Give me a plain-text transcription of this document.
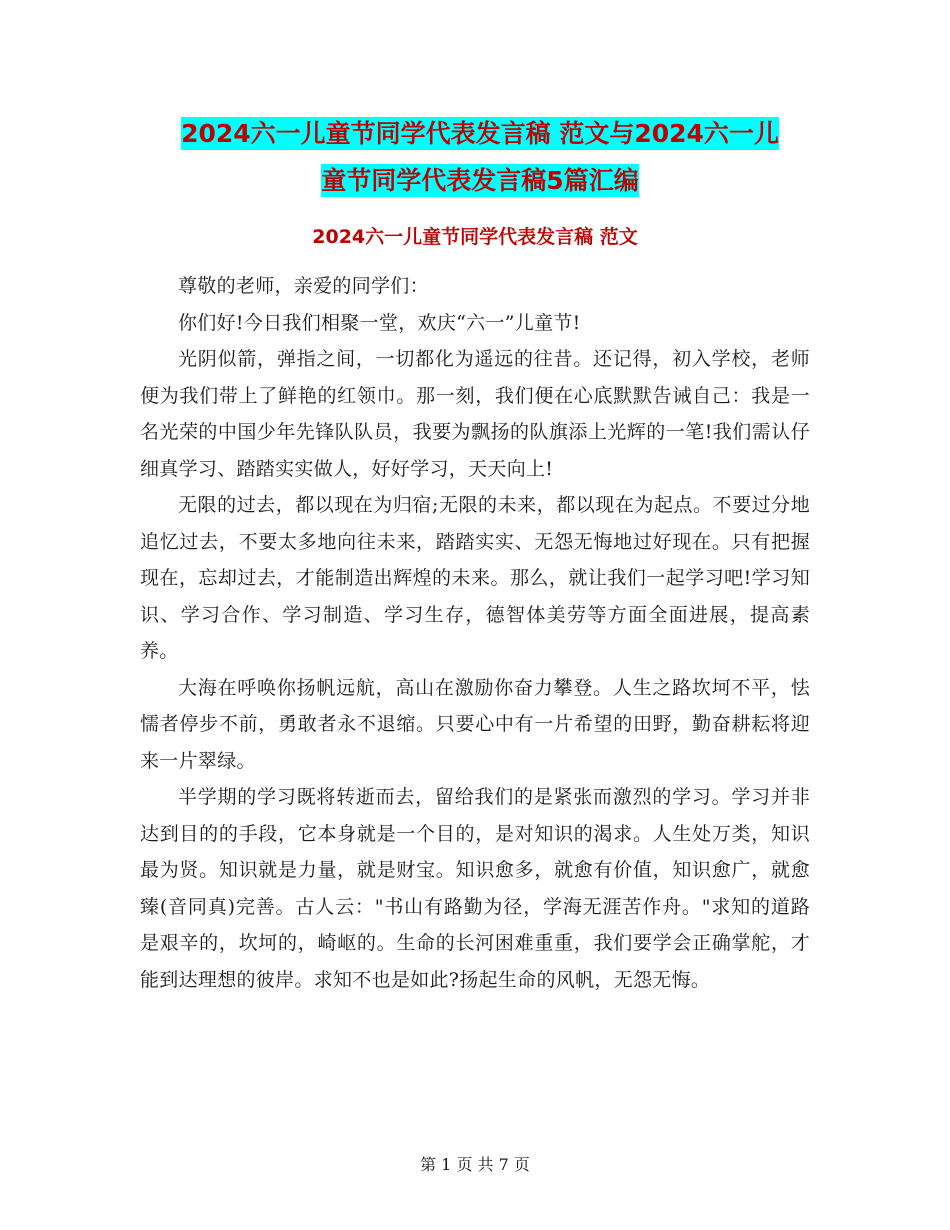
2024六一儿童节同学代表发言稿 范文与2024六一儿
童节同学代表发言稿5篇汇编
2024六一儿童节同学代表发言稿 范文

尊敬的老师，亲爱的同学们：

你们好!今日我们相聚一堂，欢庆“六一”儿童节!

光阴似箭，弹指之间，一切都化为遥远的往昔。还记得，初入学校，老师便为我们带上了鲜艳的红领巾。那一刻，我们便在心底默默告诫自己：我是一名光荣的中国少年先锋队队员，我要为飘扬的队旗添上光辉的一笔!我们需认仔细真学习、踏踏实实做人，好好学习，天天向上!

无限的过去，都以现在为归宿;无限的未来，都以现在为起点。不要过分地追忆过去，不要太多地向往未来，踏踏实实、无怨无悔地过好现在。只有把握现在，忘却过去，才能制造出辉煌的未来。那么，就让我们一起学习吧!学习知识、学习合作、学习制造、学习生存，德智体美劳等方面全面进展，提高素养。

大海在呼唤你扬帆远航，高山在激励你奋力攀登。人生之路坎坷不平，怯懦者停步不前，勇敢者永不退缩。只要心中有一片希望的田野，勤奋耕耘将迎来一片翠绿。

半学期的学习既将转逝而去，留给我们的是紧张而激烈的学习。学习并非达到目的的手段，它本身就是一个目的，是对知识的渴求。人生处万类，知识最为贤。知识就是力量，就是财宝。知识愈多，就愈有价值，知识愈广，就愈臻(音同真)完善。古人云："书山有路勤为径，学海无涯苦作舟。"求知的道路是艰辛的，坎坷的，崎岖的。生命的长河困难重重，我们要学会正确掌舵，才能到达理想的彼岸。求知不也是如此?扬起生命的风帆，无怨无悔。

第 1 页 共 7 页
